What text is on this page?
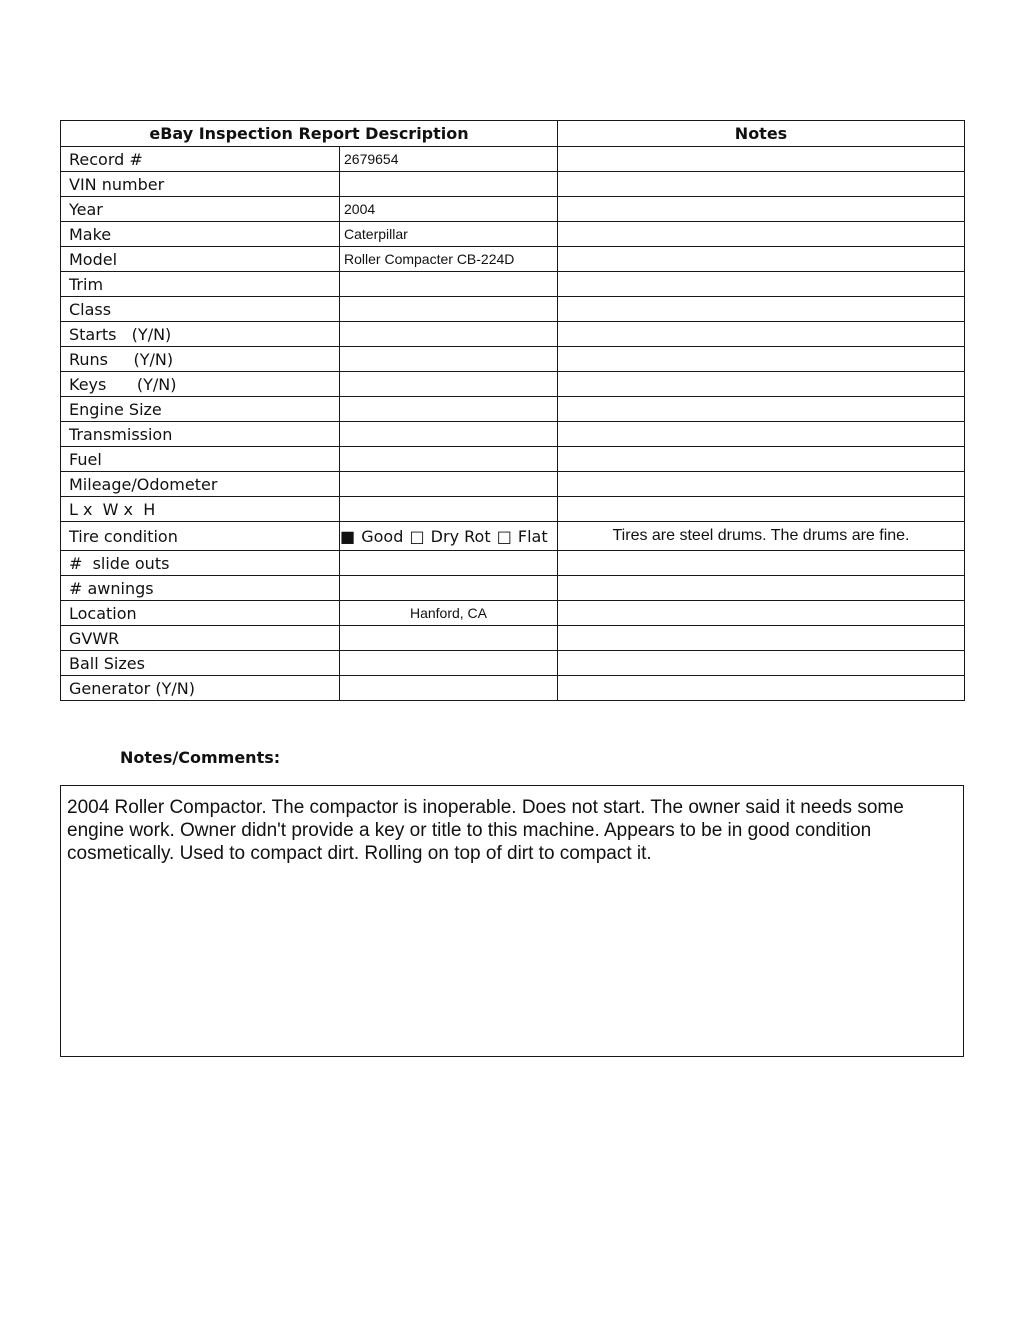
eBay Inspection Report Description		Notes
Record #	2679654	
VIN number		
Year	2004	
Make	Caterpillar	
Model	Roller Compacter CB-224D	
Trim		
Class		
Starts   (Y/N)		
Runs     (Y/N)		
Keys      (Y/N)		
Engine Size		
Transmission		
Fuel		
Mileage/Odometer		
L x  W x  H		
Tire condition	■ Good □ Dry Rot □ Flat	Tires are steel drums. The drums are fine.
#  slide outs		
# awnings		
Location	Hanford, CA	
GVWR		
Ball Sizes		
Generator (Y/N)		
Notes/Comments:
2004 Roller Compactor. The compactor is inoperable. Does not start. The owner said it needs some engine work. Owner didn't provide a key or title to this machine. Appears to be in good condition cosmetically. Used to compact dirt. Rolling on top of dirt to compact it.
